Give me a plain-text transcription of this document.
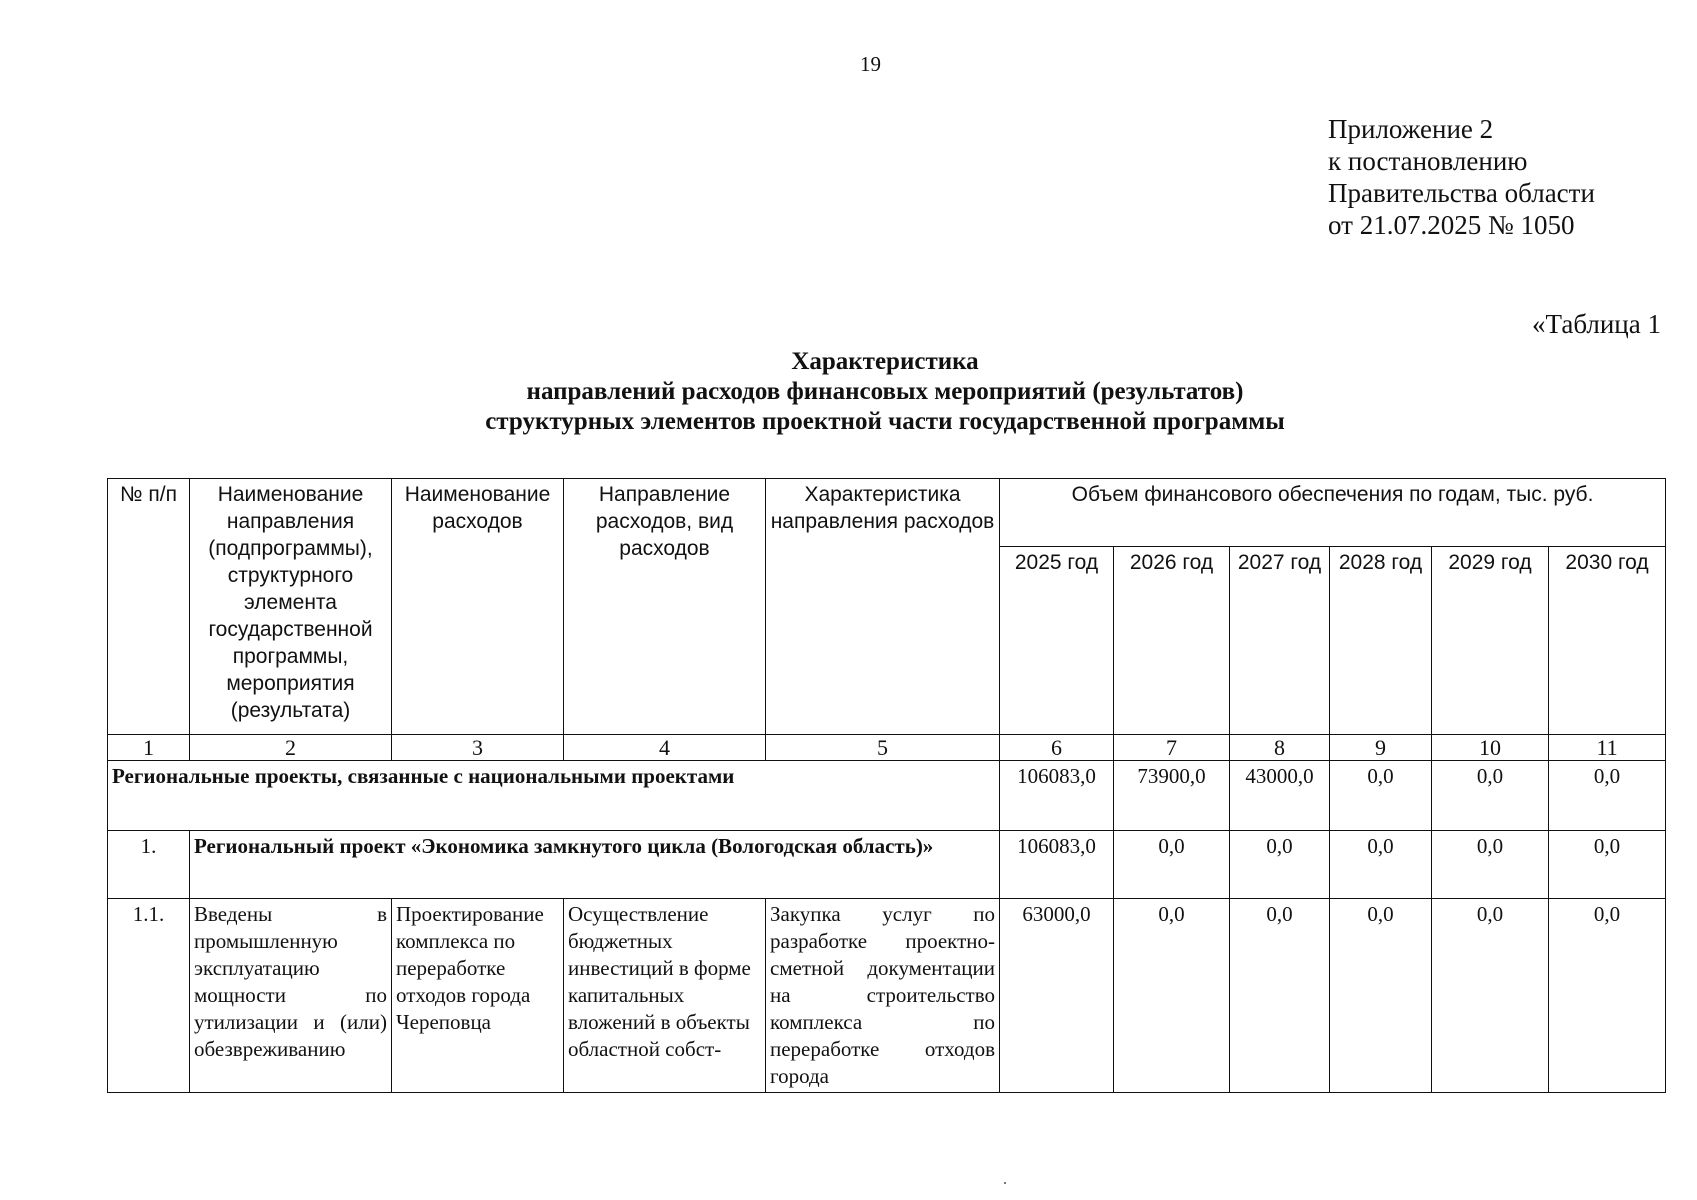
19
Приложение 2
к постановлению
Правительства области
от 21.07.2025 № 1050
«Таблица 1
Характеристика
направлений расходов финансовых мероприятий (результатов)
структурных элементов проектной части государственной программы
№ п/п	Наименование направления (подпрограммы), структурного элемента государственной программы, мероприятия (результата)	Наименование расходов	Направление расходов, вид расходов	Характеристика направления расходов	Объем финансового обеспечения по годам, тыс. руб.					
					2025 год	2026 год	2027 год	2028 год	2029 год	2030 год
1	2	3	4	5	6	7	8	9	10	11
Региональные проекты, связанные с национальными проектами					106083,0	73900,0	43000,0	0,0	0,0	0,0
1.	Региональный проект «Экономика замкнутого цикла (Вологодская область)»				106083,0	0,0	0,0	0,0	0,0	0,0
1.1.	Введены в промышленную эксплуатацию мощности по утилизации и (или) обезвреживанию	Проектирование комплекса по переработке отходов города Череповца	Осуществление бюджетных инвестиций в форме капитальных вложений в объекты областной собст-	Закупка услуг по разработке проектно-сметной документации на строительство комплекса по переработке отходов города	63000,0	0,0	0,0	0,0	0,0	0,0
